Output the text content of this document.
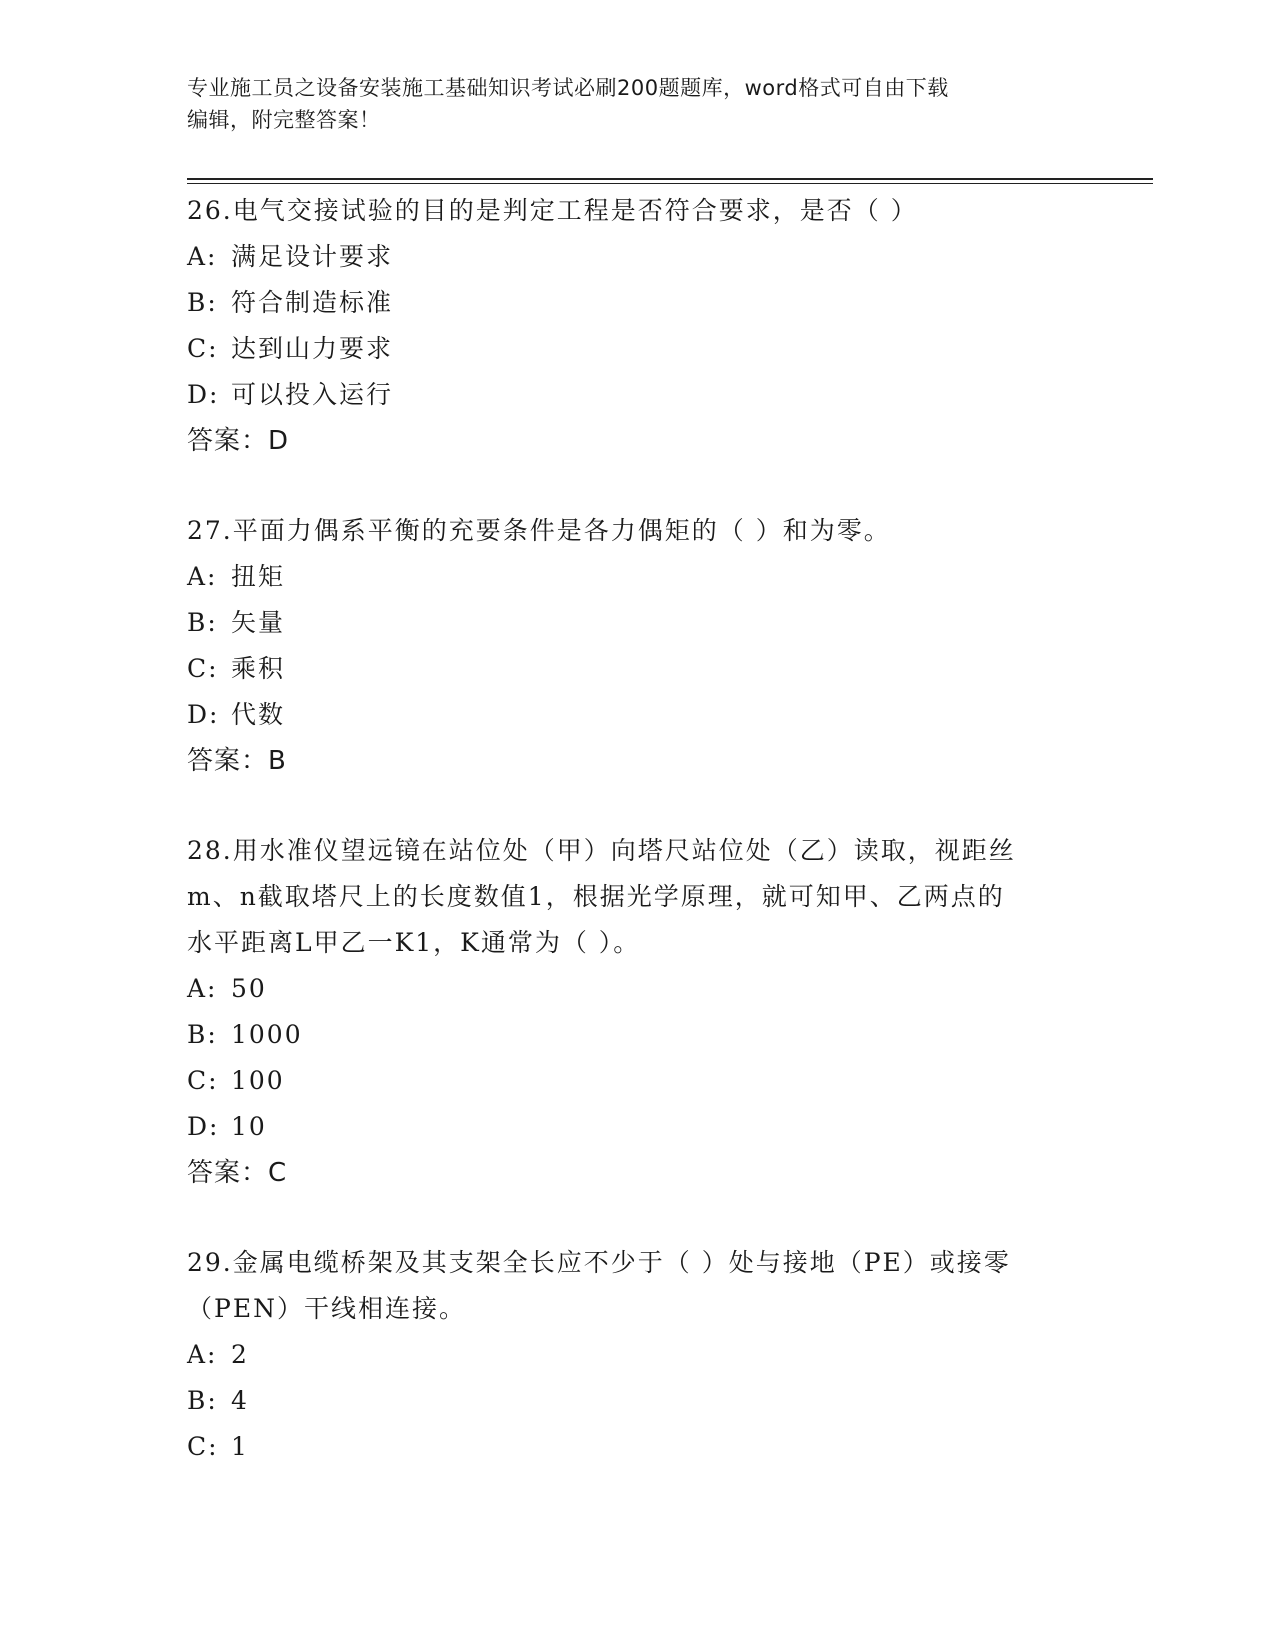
专业施工员之设备安装施工基础知识考试必刷200题题库，word格式可自由下载
编辑，附完整答案！
26.电气交接试验的目的是判定工程是否符合要求，是否（ ）
A: 满足设计要求
B: 符合制造标准
C: 达到山力要求
D: 可以投入运行
答案：D
27.平面力偶系平衡的充要条件是各力偶矩的（ ）和为零。
A: 扭矩
B: 矢量
C: 乘积
D: 代数
答案：B
28.用水准仪望远镜在站位处（甲）向塔尺站位处（乙）读取，视距丝
m、n截取塔尺上的长度数值1，根据光学原理，就可知甲、乙两点的
水平距离L甲乙一K1，K通常为（ ）。
A: 50
B: 1000
C: 100
D: 10
答案：C
29.金属电缆桥架及其支架全长应不少于（ ）处与接地（PE）或接零
（PEN）干线相连接。
A: 2
B: 4
C: 1
